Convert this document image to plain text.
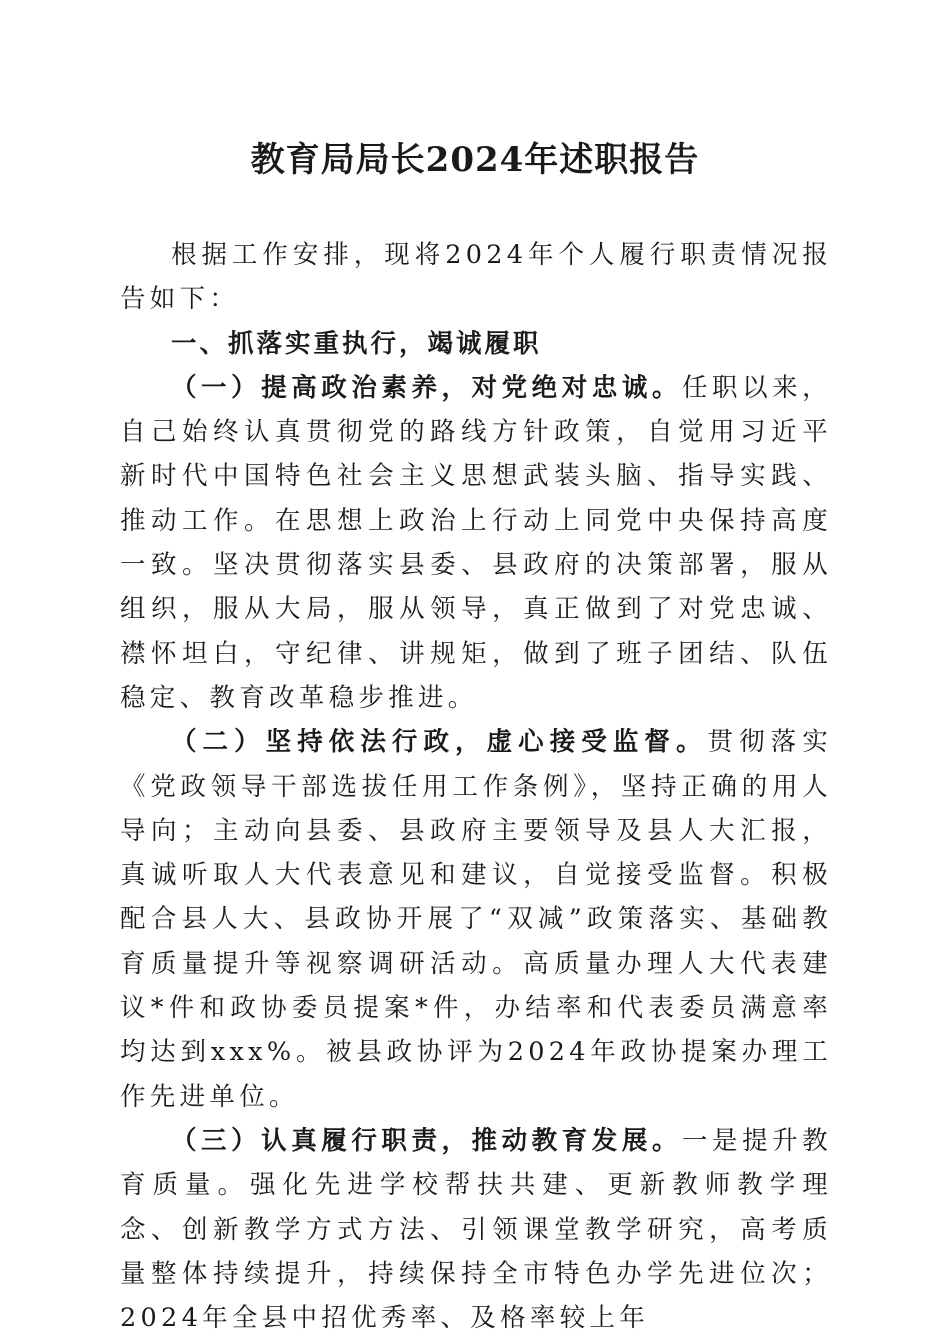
教育局局长2024年述职报告

根据工作安排，现将2024年个人履行职责情况报告如下：

一、抓落实重执行，竭诚履职

（一）提高政治素养，对党绝对忠诚。任职以来，自己始终认真贯彻党的路线方针政策，自觉用习近平新时代中国特色社会主义思想武装头脑、指导实践、推动工作。在思想上政治上行动上同党中央保持高度一致。坚决贯彻落实县委、县政府的决策部署，服从组织，服从大局，服从领导，真正做到了对党忠诚、襟怀坦白，守纪律、讲规矩，做到了班子团结、队伍稳定、教育改革稳步推进。

（二）坚持依法行政，虚心接受监督。贯彻落实《党政领导干部选拔任用工作条例》，坚持正确的用人导向；主动向县委、县政府主要领导及县人大汇报，真诚听取人大代表意见和建议，自觉接受监督。积极配合县人大、县政协开展了“双减”政策落实、基础教育质量提升等视察调研活动。高质量办理人大代表建议*件和政协委员提案*件，办结率和代表委员满意率均达到xxx%。被县政协评为2024年政协提案办理工作先进单位。

（三）认真履行职责，推动教育发展。一是提升教育质量。强化先进学校帮扶共建、更新教师教学理念、创新教学方式方法、引领课堂教学研究，高考质量整体持续提升，持续保持全市特色办学先进位次；2024年全县中招优秀率、及格率较上年
